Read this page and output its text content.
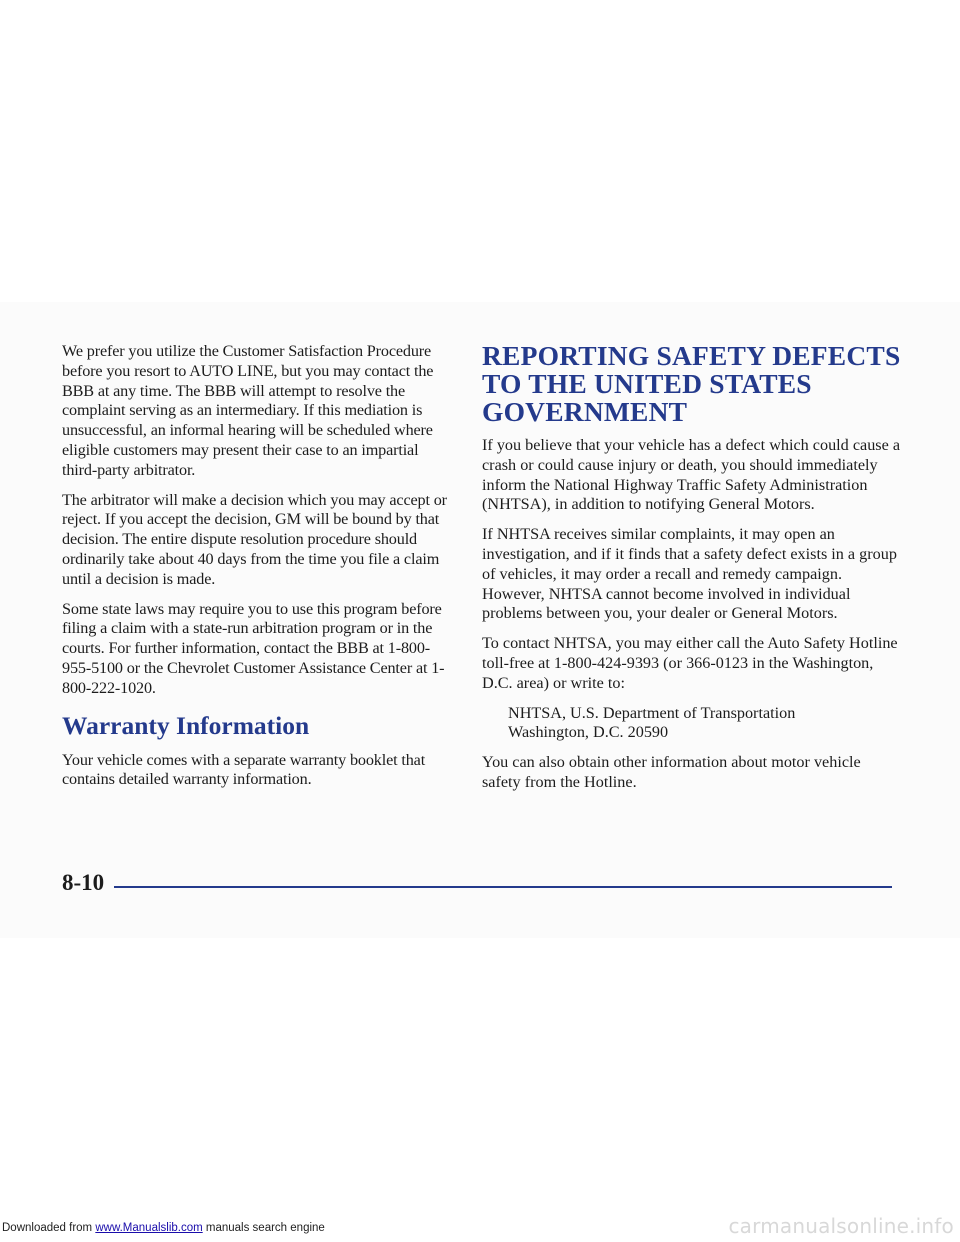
We prefer you utilize the Customer Satisfaction Procedure before you resort to AUTO LINE, but you may contact the BBB at any time. The BBB will attempt to resolve the complaint serving as an intermediary. If this mediation is unsuccessful, an informal hearing will be scheduled where eligible customers may present their case to an impartial third-party arbitrator.

The arbitrator will make a decision which you may accept or reject. If you accept the decision, GM will be bound by that decision. The entire dispute resolution procedure should ordinarily take about 40 days from the time you file a claim until a decision is made.

Some state laws may require you to use this program before filing a claim with a state-run arbitration program or in the courts. For further information, contact the BBB at 1-800-955-5100 or the Chevrolet Customer Assistance Center at 1-800-222-1020.

Warranty Information

Your vehicle comes with a separate warranty booklet that contains detailed warranty information.

REPORTING SAFETY DEFECTS TO THE UNITED STATES GOVERNMENT

If you believe that your vehicle has a defect which could cause a crash or could cause injury or death, you should immediately inform the National Highway Traffic Safety Administration (NHTSA), in addition to notifying General Motors.

If NHTSA receives similar complaints, it may open an investigation, and if it finds that a safety defect exists in a group of vehicles, it may order a recall and remedy campaign. However, NHTSA cannot become involved in individual problems between you, your dealer or General Motors.

To contact NHTSA, you may either call the Auto Safety Hotline toll-free at 1-800-424-9393 (or 366-0123 in the Washington, D.C. area) or write to:

NHTSA, U.S. Department of Transportation
Washington, D.C. 20590

You can also obtain other information about motor vehicle safety from the Hotline.

8-10
Downloaded from www.Manualslib.com manuals search engine	carmanualsonline.info
